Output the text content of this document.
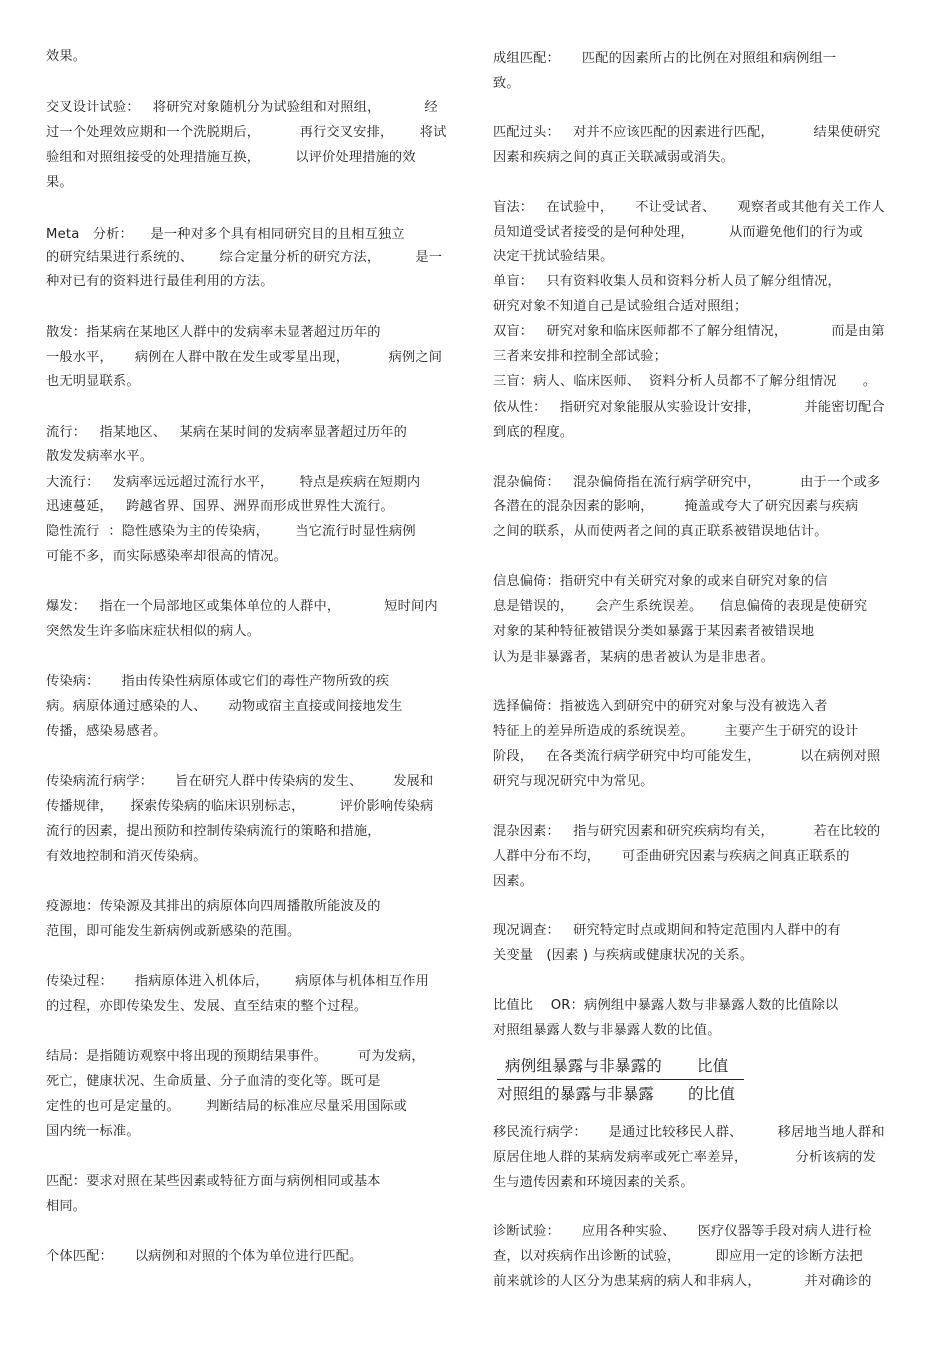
效果。
交叉设计试验：   将研究对象随机分为试验组和对照组，          经
过一个处理效应期和一个洗脱期后，         再行交叉安排，      将试
验组和对照组接受的处理措施互换，        以评价处理措施的效
果。
Meta   分析：    是一种对多个具有相同研究目的且相互独立
的研究结果进行系统的、      综合定量分析的研究方法，        是一
种对已有的资料进行最佳利用的方法。
散发：指某病在某地区人群中的发病率未显著超过历年的
一般水平，     病例在人群中散在发生或零星出现，         病例之间
也无明显联系。
流行：   指某地区、   某病在某时间的发病率显著超过历年的
散发发病率水平。
大流行：   发病率远远超过流行水平，      特点是疾病在短期内
迅速蔓延，   跨越省界、国界、洲界而形成世界性大流行。
隐性流行  ：隐性感染为主的传染病，      当它流行时显性病例
可能不多，而实际感染率却很高的情况。
爆发：   指在一个局部地区或集体单位的人群中，          短时间内
突然发生许多临床症状相似的病人。
传染病：     指由传染性病原体或它们的毒性产物所致的疾
病。病原体通过感染的人、     动物或宿主直接或间接地发生
传播，感染易感者。
传染病流行病学：     旨在研究人群中传染病的发生、       发展和
传播规律，    探索传染病的临床识别标志，        评价影响传染病
流行的因素，提出预防和控制传染病流行的策略和措施，
有效地控制和消灭传染病。
疫源地：传染源及其排出的病原体向四周播散所能波及的
范围，即可能发生新病例或新感染的范围。
传染过程：     指病原体进入机体后，      病原体与机体相互作用
的过程，亦即传染发生、发展、直至结束的整个过程。
结局：是指随访观察中将出现的预期结果事件。       可为发病，
死亡，健康状况、生命质量、分子血清的变化等。既可是
定性的也可是定量的。      判断结局的标准应尽量采用国际或
国内统一标准。
匹配：要求对照在某些因素或特征方面与病例相同或基本
相同。
个体匹配：     以病例和对照的个体为单位进行匹配。
成组匹配：     匹配的因素所占的比例在对照组和病例组一
致。
匹配过头：   对并不应该匹配的因素进行匹配，         结果使研究
因素和疾病之间的真正关联减弱或消失。
盲法：   在试验中，     不让受试者、     观察者或其他有关工作人
员知道受试者接受的是何种处理，        从而避免他们的行为或
决定干扰试验结果。
单盲：   只有资料收集人员和资料分析人员了解分组情况，
研究对象不知道自己是试验组合适对照组；
双盲：   研究对象和临床医师都不了解分组情况，          而是由第
三者来安排和控制全部试验；
三盲：病人、临床医师、  资料分析人员都不了解分组情况      。
依从性：   指研究对象能服从实验设计安排，          并能密切配合
到底的程度。
混杂偏倚：   混杂偏倚指在流行病学研究中，         由于一个或多
各潜在的混杂因素的影响，       掩盖或夸大了研究因素与疾病
之间的联系，从而使两者之间的真正联系被错误地估计。
信息偏倚：指研究中有关研究对象的或来自研究对象的信
息是错误的，     会产生系统误差。    信息偏倚的表现是使研究
对象的某种特征被错误分类如暴露于某因素者被错误地
认为是非暴露者，某病的患者被认为是非患者。
选择偏倚：指被选入到研究中的研究对象与没有被选入者
特征上的差异所造成的系统误差。       主要产生于研究的设计
阶段，   在各类流行病学研究中均可能发生，         以在病例对照
研究与现况研究中为常见。
混杂因素：   指与研究因素和研究疾病均有关，         若在比较的
人群中分布不均，     可歪曲研究因素与疾病之间真正联系的
因素。
现况调查：   研究特定时点或期间和特定范围内人群中的有
关变量   (因素 ) 与疾病或健康状况的关系。
比值比    OR：病例组中暴露人数与非暴露人数的比值除以
对照组暴露人数与非暴露人数的比值。
病例组暴露与非暴露的 比值
对照组的暴露与非暴露 的比值
移民流行病学：     是通过比较移民人群、        移居地当地人群和
原居住地人群的某病发病率或死亡率差异，           分析该病的发
生与遗传因素和环境因素的关系。
诊断试验：     应用各种实验、     医疗仪器等手段对病人进行检
查，以对疾病作出诊断的试验，        即应用一定的诊断方法把
前来就诊的人区分为患某病的病人和非病人，          并对确诊的
